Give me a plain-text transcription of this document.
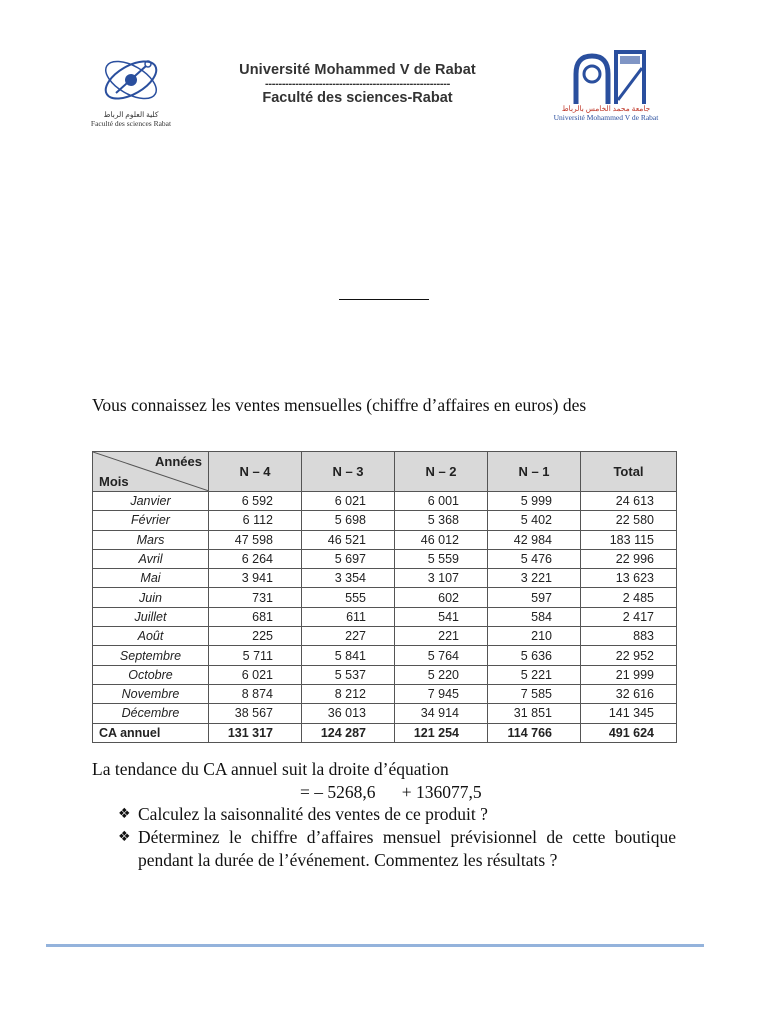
كلية العلوم الرباط
Faculté des sciences Rabat
Université Mohammed V de Rabat
-------------------------------------------------------
Faculté des sciences-Rabat
جامعة محمد الخامس بالرباط
Université Mohammed V de Rabat
Vous connaissez les ventes mensuelles (chiffre d’affaires en euros) des
Années
Mois	N – 4	N – 3	N – 2	N – 1	Total
Janvier	6 592	6 021	6 001	5 999	24 613
Février	6 112	5 698	5 368	5 402	22 580
Mars	47 598	46 521	46 012	42 984	183 115
Avril	6 264	5 697	5 559	5 476	22 996
Mai	3 941	3 354	3 107	3 221	13 623
Juin	731	555	602	597	2 485
Juillet	681	611	541	584	2 417
Août	225	227	221	210	883
Septembre	5 711	5 841	5 764	5 636	22 952
Octobre	6 021	5 537	5 220	5 221	21 999
Novembre	8 874	8 212	7 945	7 585	32 616
Décembre	38 567	36 013	34 914	31 851	141 345
CA annuel	131 317	124 287	121 254	114 766	491 624
La tendance du CA annuel suit la droite d’équation
= – 5268,6      + 136077,5
❖ Calculez la saisonnalité des ventes de ce produit ?
❖ Déterminez le chiffre d’affaires mensuel prévisionnel de cette boutique pendant la durée de l’événement. Commentez les résultats ?
